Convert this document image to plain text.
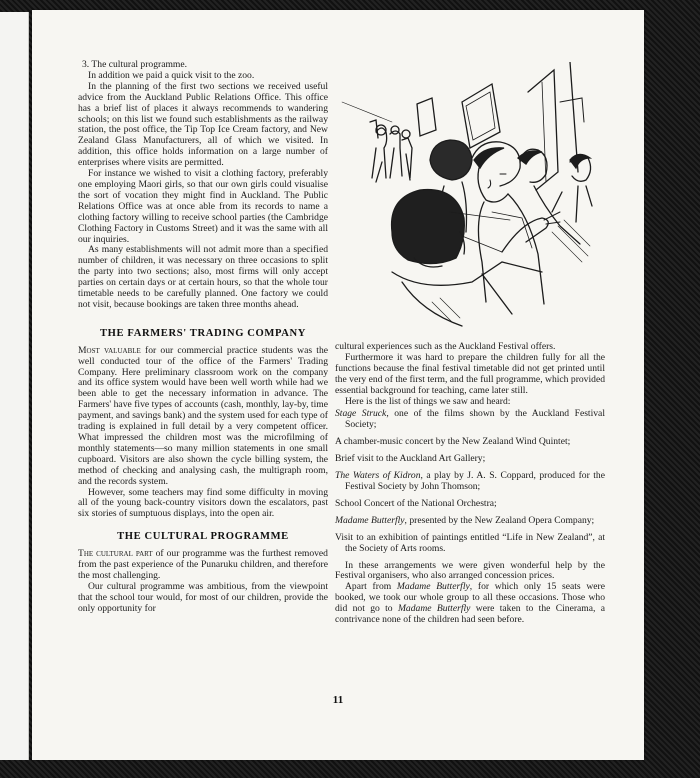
3. The cultural programme.

In addition we paid a quick visit to the zoo.

In the planning of the first two sections we received useful advice from the Auckland Public Relations Office. This office has a brief list of places it always recommends to wandering schools; on this list we found such establishments as the railway station, the post office, the Tip Top Ice Cream factory, and New Zealand Glass Manufacturers, all of which we visited. In addition, this office holds information on a large number of enterprises where visits are permitted.

For instance we wished to visit a clothing factory, preferably one employing Maori girls, so that our own girls could visualise the sort of vocation they might find in Auckland. The Public Relations Office was at once able from its records to name a clothing factory willing to receive school parties (the Cambridge Clothing Factory in Customs Street) and it was the same with all our inquiries.

As many establishments will not admit more than a specified number of children, it was necessary on three occasions to split the party into two sections; also, most firms will only accept parties on certain days or at certain hours, so that the whole tour timetable needs to be carefully planned. One factory we could not visit, because bookings are taken three months ahead.

THE FARMERS' TRADING COMPANY

Most valuable for our commercial practice students was the well conducted tour of the office of the Farmers' Trading Company. Here preliminary classroom work on the company and its office system would have been well worth while had we been able to get the necessary information in advance. The Farmers' have five types of accounts (cash, monthly, lay-by, time payment, and savings bank) and the system used for each type of trading is explained in full detail by a very competent officer. What impressed the children most was the microfilming of monthly statements—so many million statements in one small cupboard. Visitors are also shown the cycle billing system, the method of checking and analysing cash, the multigraph room, and the records system.

However, some teachers may find some difficulty in moving all of the young back-country visitors down the escalators, past six stories of sumptuous displays, into the open air.

THE CULTURAL PROGRAMME

The cultural part of our programme was the furthest removed from the past experience of the Punaruku children, and therefore the most challenging.

Our cultural programme was ambitious, from the viewpoint that the school tour would, for most of our children, provide the only opportunity for

cultural experiences such as the Auckland Festival offers.

Furthermore it was hard to prepare the children fully for all the functions because the final festival timetable did not get printed until the very end of the first term, and the full programme, which provided essential background for teaching, came later still.

Here is the list of things we saw and heard:

Stage Struck, one of the films shown by the Auckland Festival Society;
A chamber-music concert by the New Zealand Wind Quintet;
Brief visit to the Auckland Art Gallery;
The Waters of Kidron, a play by J. A. S. Coppard, produced for the Festival Society by John Thomson;
School Concert of the National Orchestra;
Madame Butterfly, presented by the New Zealand Opera Company;
Visit to an exhibition of paintings entitled “Life in New Zealand”, at the Society of Arts rooms.

In these arrangements we were given wonderful help by the Festival organisers, who also arranged concession prices.

Apart from Madame Butterfly, for which only 15 seats were booked, we took our whole group to all these occasions. Those who did not go to Madame Butterfly were taken to the Cinerama, a contrivance none of the children had seen before.

11
